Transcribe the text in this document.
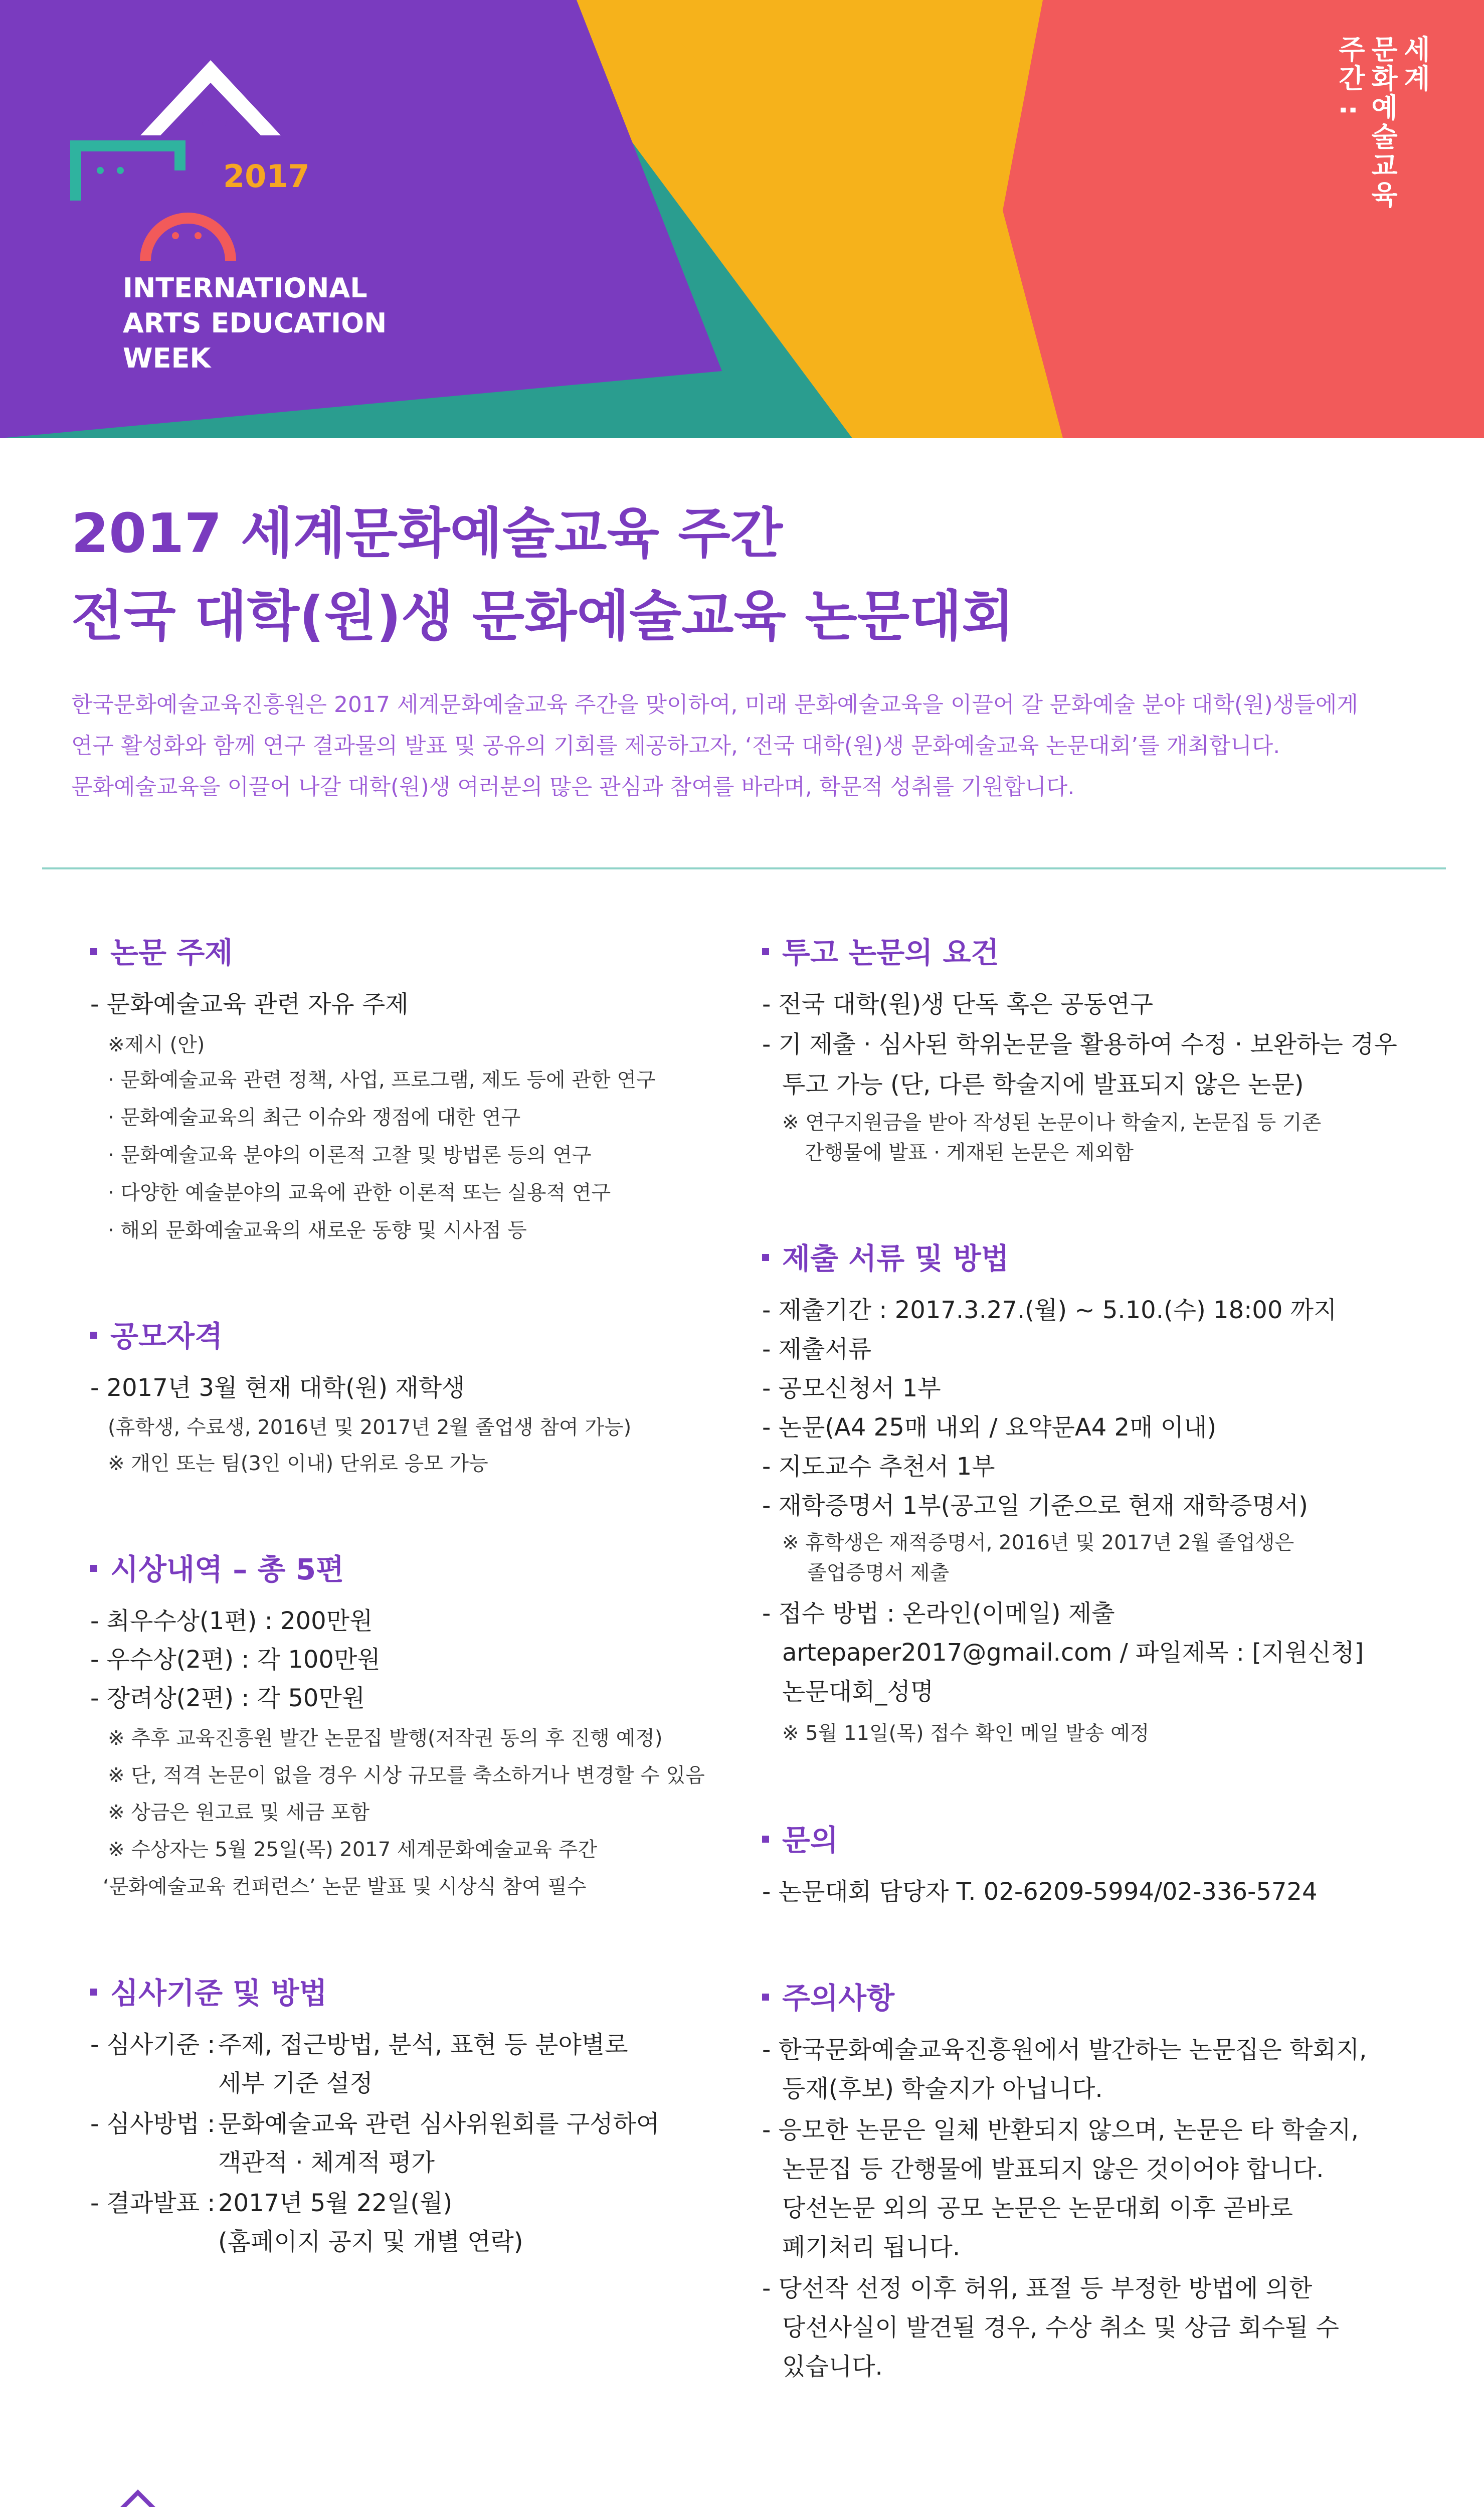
2017
INTERNATIONAL
ARTS EDUCATION
WEEK
세계
문화예술교육
주간 :
2017 세계문화예술교육 주간
전국 대학(원)생 문화예술교육 논문대회
한국문화예술교육진흥원은 2017 세계문화예술교육 주간을 맞이하여, 미래 문화예술교육을 이끌어 갈 문화예술 분야 대학(원)생들에게
연구 활성화와 함께 연구 결과물의 발표 및 공유의 기회를 제공하고자, ‘전국 대학(원)생 문화예술교육 논문대회’를 개최합니다.
문화예술교육을 이끌어 나갈 대학(원)생 여러분의 많은 관심과 참여를 바라며, 학문적 성취를 기원합니다.
논문 주제
- 문화예술교육 관련 자유 주제
※제시 (안)
· 문화예술교육 관련 정책, 사업, 프로그램, 제도 등에 관한 연구
· 문화예술교육의 최근 이슈와 쟁점에 대한 연구
· 문화예술교육 분야의 이론적 고찰 및 방법론 등의 연구
· 다양한 예술분야의 교육에 관한 이론적 또는 실용적 연구
· 해외 문화예술교육의 새로운 동향 및 시사점 등
공모자격
- 2017년 3월 현재 대학(원) 재학생
(휴학생, 수료생, 2016년 및 2017년 2월 졸업생 참여 가능)
※ 개인 또는 팀(3인 이내) 단위로 응모 가능
시상내역 – 총 5편
- 최우수상(1편) : 200만원
- 우수상(2편) : 각 100만원
- 장려상(2편) : 각 50만원
※ 추후 교육진흥원 발간 논문집 발행(저작권 동의 후 진행 예정)
※ 단, 적격 논문이 없을 경우 시상 규모를 축소하거나 변경할 수 있음
※ 상금은 원고료 및 세금 포함
※ 수상자는 5월 25일(목) 2017 세계문화예술교육 주간
‘문화예술교육 컨퍼런스’ 논문 발표 및 시상식 참여 필수
심사기준 및 방법
- 심사기준 : 주제, 접근방법, 분석, 표현 등 분야별로
세부 기준 설정
- 심사방법 : 문화예술교육 관련 심사위원회를 구성하여
객관적 · 체계적 평가
- 결과발표 : 2017년 5월 22일(월)
(홈페이지 공지 및 개별 연락)
투고 논문의 요건
- 전국 대학(원)생 단독 혹은 공동연구
- 기 제출 · 심사된 학위논문을 활용하여 수정 · 보완하는 경우
투고 가능 (단, 다른 학술지에 발표되지 않은 논문)
※ 연구지원금을 받아 작성된 논문이나 학술지, 논문집 등 기존
간행물에 발표 · 게재된 논문은 제외함
제출 서류 및 방법
- 제출기간 : 2017.3.27.(월) ~ 5.10.(수) 18:00 까지
- 제출서류
- 공모신청서 1부
- 논문(A4 25매 내외 / 요약문A4 2매 이내)
- 지도교수 추천서 1부
- 재학증명서 1부(공고일 기준으로 현재 재학증명서)
※ 휴학생은 재적증명서, 2016년 및 2017년 2월 졸업생은
졸업증명서 제출
- 접수 방법 : 온라인(이메일) 제출
artepaper2017@gmail.com / 파일제목 : [지원신청]
논문대회_성명
※ 5월 11일(목) 접수 확인 메일 발송 예정
문의
- 논문대회 담당자 T. 02-6209-5994/02-336-5724
주의사항
- 한국문화예술교육진흥원에서 발간하는 논문집은 학회지,
등재(후보) 학술지가 아닙니다.
- 응모한 논문은 일체 반환되지 않으며, 논문은 타 학술지,
논문집 등 간행물에 발표되지 않은 것이어야 합니다.
당선논문 외의 공모 논문은 논문대회 이후 곧바로
폐기처리 됩니다.
- 당선작 선정 이후 허위, 표절 등 부정한 방법에 의한
당선사실이 발견될 경우, 수상 취소 및 상금 회수될 수
있습니다.
